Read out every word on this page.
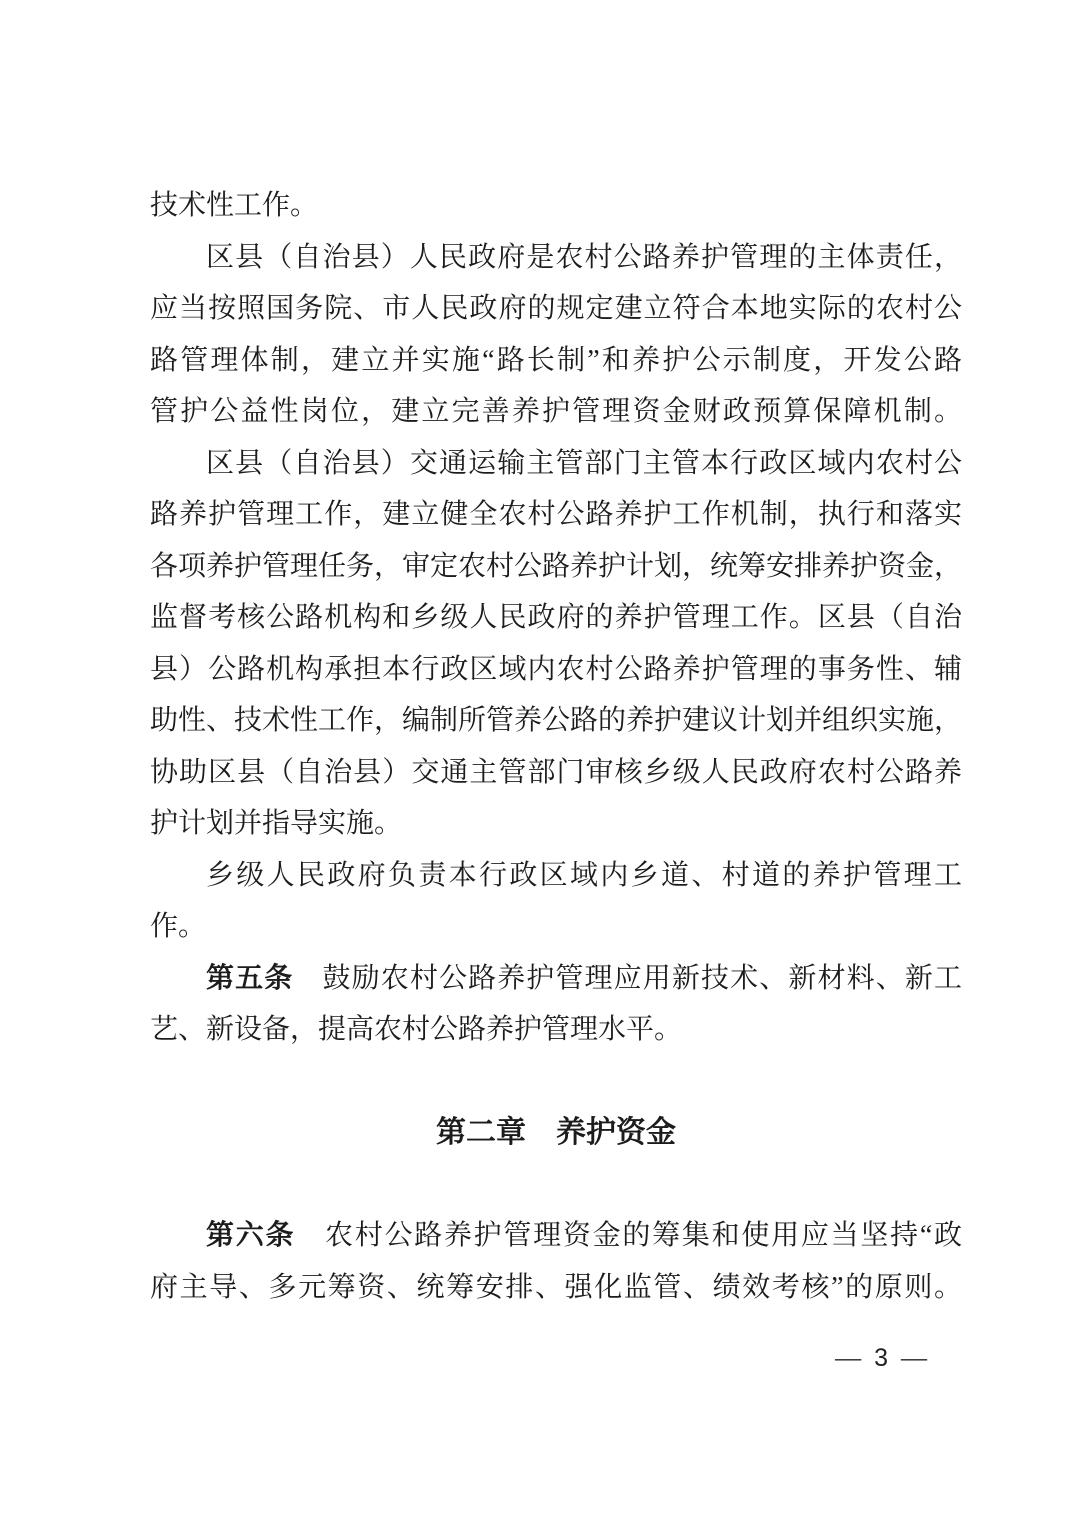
技术性工作。
区县（自治县）人民政府是农村公路养护管理的主体责任，
应当按照国务院、市人民政府的规定建立符合本地实际的农村公
路管理体制，建立并实施“路长制”和养护公示制度，开发公路
管护公益性岗位，建立完善养护管理资金财政预算保障机制。
区县（自治县）交通运输主管部门主管本行政区域内农村公
路养护管理工作，建立健全农村公路养护工作机制，执行和落实
各项养护管理任务，审定农村公路养护计划，统筹安排养护资金，
监督考核公路机构和乡级人民政府的养护管理工作。区县（自治
县）公路机构承担本行政区域内农村公路养护管理的事务性、辅
助性、技术性工作，编制所管养公路的养护建议计划并组织实施，
协助区县（自治县）交通主管部门审核乡级人民政府农村公路养
护计划并指导实施。
乡级人民政府负责本行政区域内乡道、村道的养护管理工
作。
第五条　鼓励农村公路养护管理应用新技术、新材料、新工
艺、新设备，提高农村公路养护管理水平。

第二章　养护资金

第六条　农村公路养护管理资金的筹集和使用应当坚持“政
府主导、多元筹资、统筹安排、强化监管、绩效考核”的原则。
— 3 —
